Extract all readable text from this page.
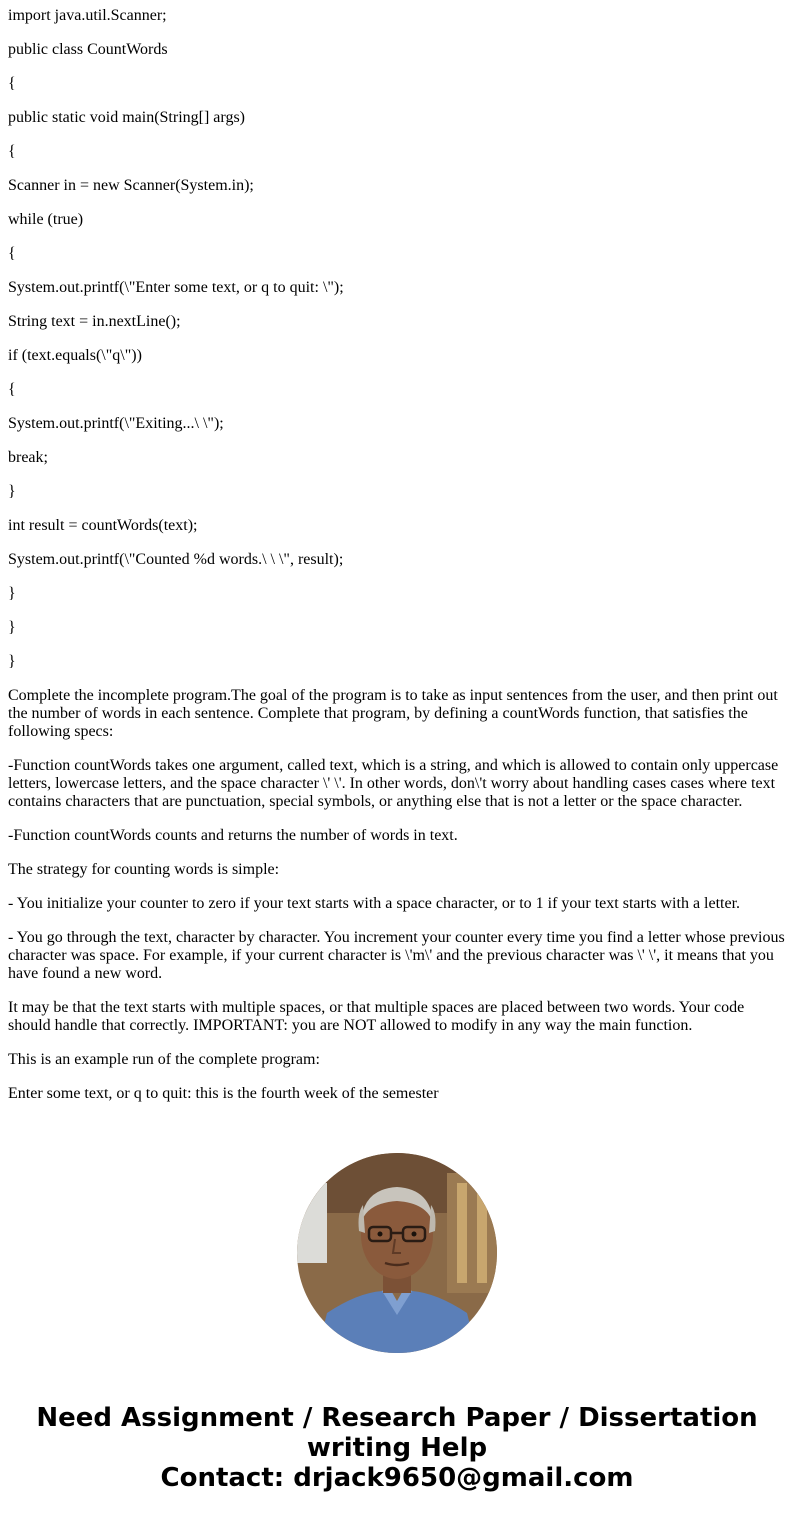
import java.util.Scanner;

public class CountWords

{

public static void main(String[] args)

{

Scanner in = new Scanner(System.in);

while (true)

{

System.out.printf(\"Enter some text, or q to quit: \");

String text = in.nextLine();

if (text.equals(\"q\"))

{

System.out.printf(\"Exiting...\ \");

break;

}

int result = countWords(text);

System.out.printf(\"Counted %d words.\ \ \", result);

}

}

}

Complete the incomplete program.The goal of the program is to take as input sentences from the user, and then print out the number of words in each sentence. Complete that program, by defining a countWords function, that satisfies the following specs:

-Function countWords takes one argument, called text, which is a string, and which is allowed to contain only uppercase letters, lowercase letters, and the space character \' \'. In other words, don\'t worry about handling cases cases where text contains characters that are punctuation, special symbols, or anything else that is not a letter or the space character.

-Function countWords counts and returns the number of words in text.

The strategy for counting words is simple:

- You initialize your counter to zero if your text starts with a space character, or to 1 if your text starts with a letter.

- You go through the text, character by character. You increment your counter every time you find a letter whose previous character was space. For example, if your current character is \'m\' and the previous character was \' \', it means that you have found a new word.

It may be that the text starts with multiple spaces, or that multiple spaces are placed between two words. Your code should handle that correctly. IMPORTANT: you are NOT allowed to modify in any way the main function.

This is an example run of the complete program:

Enter some text, or q to quit: this is the fourth week of the semester

Need Assignment / Research Paper / Dissertation
writing Help
Contact: drjack9650@gmail.com
